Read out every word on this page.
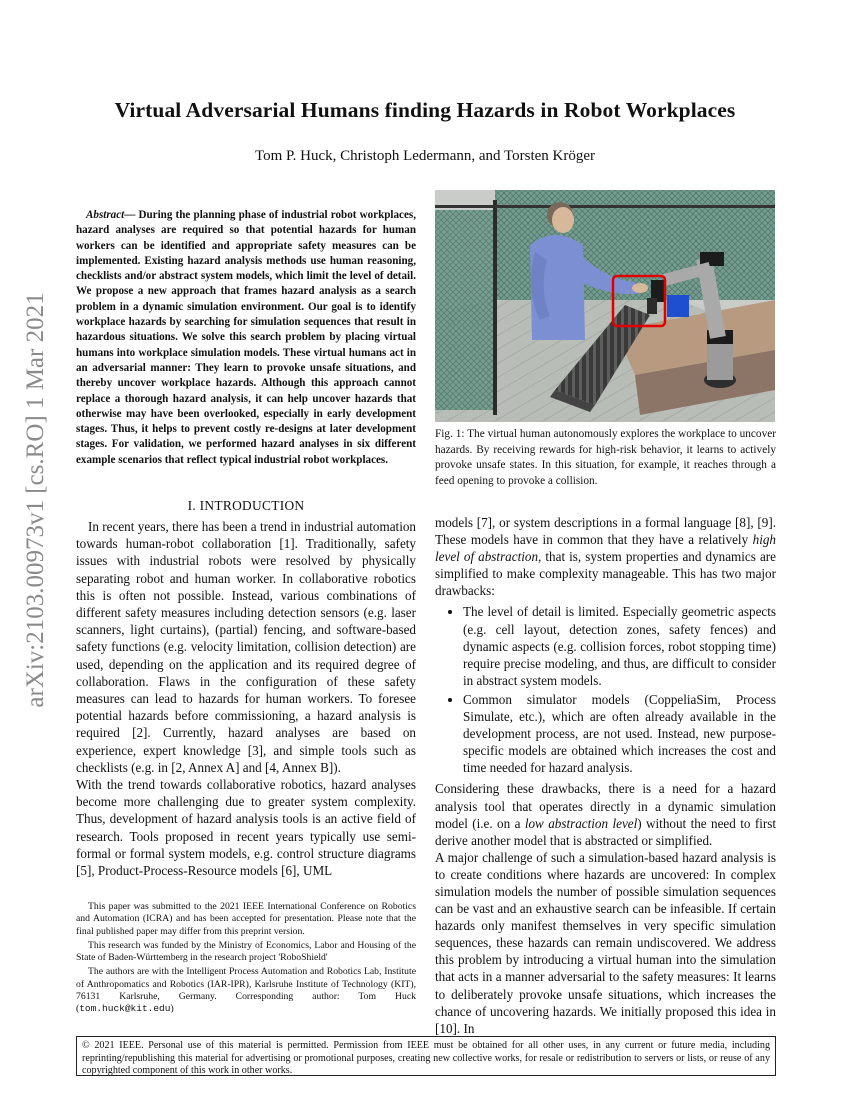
Virtual Adversarial Humans finding Hazards in Robot Workplaces
Tom P. Huck, Christoph Ledermann, and Torsten Kröger
arXiv:2103.00973v1 [cs.RO] 1 Mar 2021
Abstract— During the planning phase of industrial robot workplaces, hazard analyses are required so that potential hazards for human workers can be identified and appropriate safety measures can be implemented. Existing hazard analysis methods use human reasoning, checklists and/or abstract system models, which limit the level of detail. We propose a new approach that frames hazard analysis as a search problem in a dynamic simulation environment. Our goal is to identify workplace hazards by searching for simulation sequences that result in hazardous situations. We solve this search problem by placing virtual humans into workplace simulation models. These virtual humans act in an adversarial manner: They learn to provoke unsafe situations, and thereby uncover workplace hazards. Although this approach cannot replace a thorough hazard analysis, it can help uncover hazards that otherwise may have been overlooked, especially in early development stages. Thus, it helps to prevent costly re-designs at later development stages. For validation, we performed hazard analyses in six different example scenarios that reflect typical industrial robot workplaces.
Fig. 1: The virtual human autonomously explores the workplace to uncover hazards. By receiving rewards for high-risk behavior, it learns to actively provoke unsafe states. In this situation, for example, it reaches through a feed opening to provoke a collision.
I. INTRODUCTION

In recent years, there has been a trend in industrial automation towards human-robot collaboration [1]. Traditionally, safety issues with industrial robots were resolved by physically separating robot and human worker. In collaborative robotics this is often not possible. Instead, various combinations of different safety measures including detection sensors (e.g. laser scanners, light curtains), (partial) fencing, and software-based safety functions (e.g. velocity limitation, collision detection) are used, depending on the application and its required degree of collaboration. Flaws in the configuration of these safety measures can lead to hazards for human workers. To foresee potential hazards before commissioning, a hazard analysis is required [2]. Currently, hazard analyses are based on experience, expert knowledge [3], and simple tools such as checklists (e.g. in [2, Annex A] and [4, Annex B]).

With the trend towards collaborative robotics, hazard analyses become more challenging due to greater system complexity. Thus, development of hazard analysis tools is an active field of research. Tools proposed in recent years typically use semi-formal or formal system models, e.g. control structure diagrams [5], Product-Process-Resource models [6], UML

This paper was submitted to the 2021 IEEE International Conference on Robotics and Automation (ICRA) and has been accepted for presentation. Please note that the final published paper may differ from this preprint version.

This research was funded by the Ministry of Economics, Labor and Housing of the State of Baden-Württemberg in the research project 'RoboShield'

The authors are with the Intelligent Process Automation and Robotics Lab, Institute of Anthropomatics and Robotics (IAR-IPR), Karlsruhe Institute of Technology (KIT), 76131 Karlsruhe, Germany. Corresponding author: Tom Huck (tom.huck@kit.edu)

models [7], or system descriptions in a formal language [8], [9]. These models have in common that they have a relatively high level of abstraction, that is, system properties and dynamics are simplified to make complexity manageable. This has two major drawbacks:

• The level of detail is limited. Especially geometric aspects (e.g. cell layout, detection zones, safety fences) and dynamic aspects (e.g. collision forces, robot stopping time) require precise modeling, and thus, are difficult to consider in abstract system models.
• Common simulator models (CoppeliaSim, Process Simulate, etc.), which are often already available in the development process, are not used. Instead, new purpose-specific models are obtained which increases the cost and time needed for hazard analysis.

Considering these drawbacks, there is a need for a hazard analysis tool that operates directly in a dynamic simulation model (i.e. on a low abstraction level) without the need to first derive another model that is abstracted or simplified.

A major challenge of such a simulation-based hazard analysis is to create conditions where hazards are uncovered: In complex simulation models the number of possible simulation sequences can be vast and an exhaustive search can be infeasible. If certain hazards only manifest themselves in very specific simulation sequences, these hazards can remain undiscovered. We address this problem by introducing a virtual human into the simulation that acts in a manner adversarial to the safety measures: It learns to deliberately provoke unsafe situations, which increases the chance of uncovering hazards. We initially proposed this idea in [10]. In

© 2021 IEEE. Personal use of this material is permitted. Permission from IEEE must be obtained for all other uses, in any current or future media, including reprinting/republishing this material for advertising or promotional purposes, creating new collective works, for resale or redistribution to servers or lists, or reuse of any copyrighted component of this work in other works.
